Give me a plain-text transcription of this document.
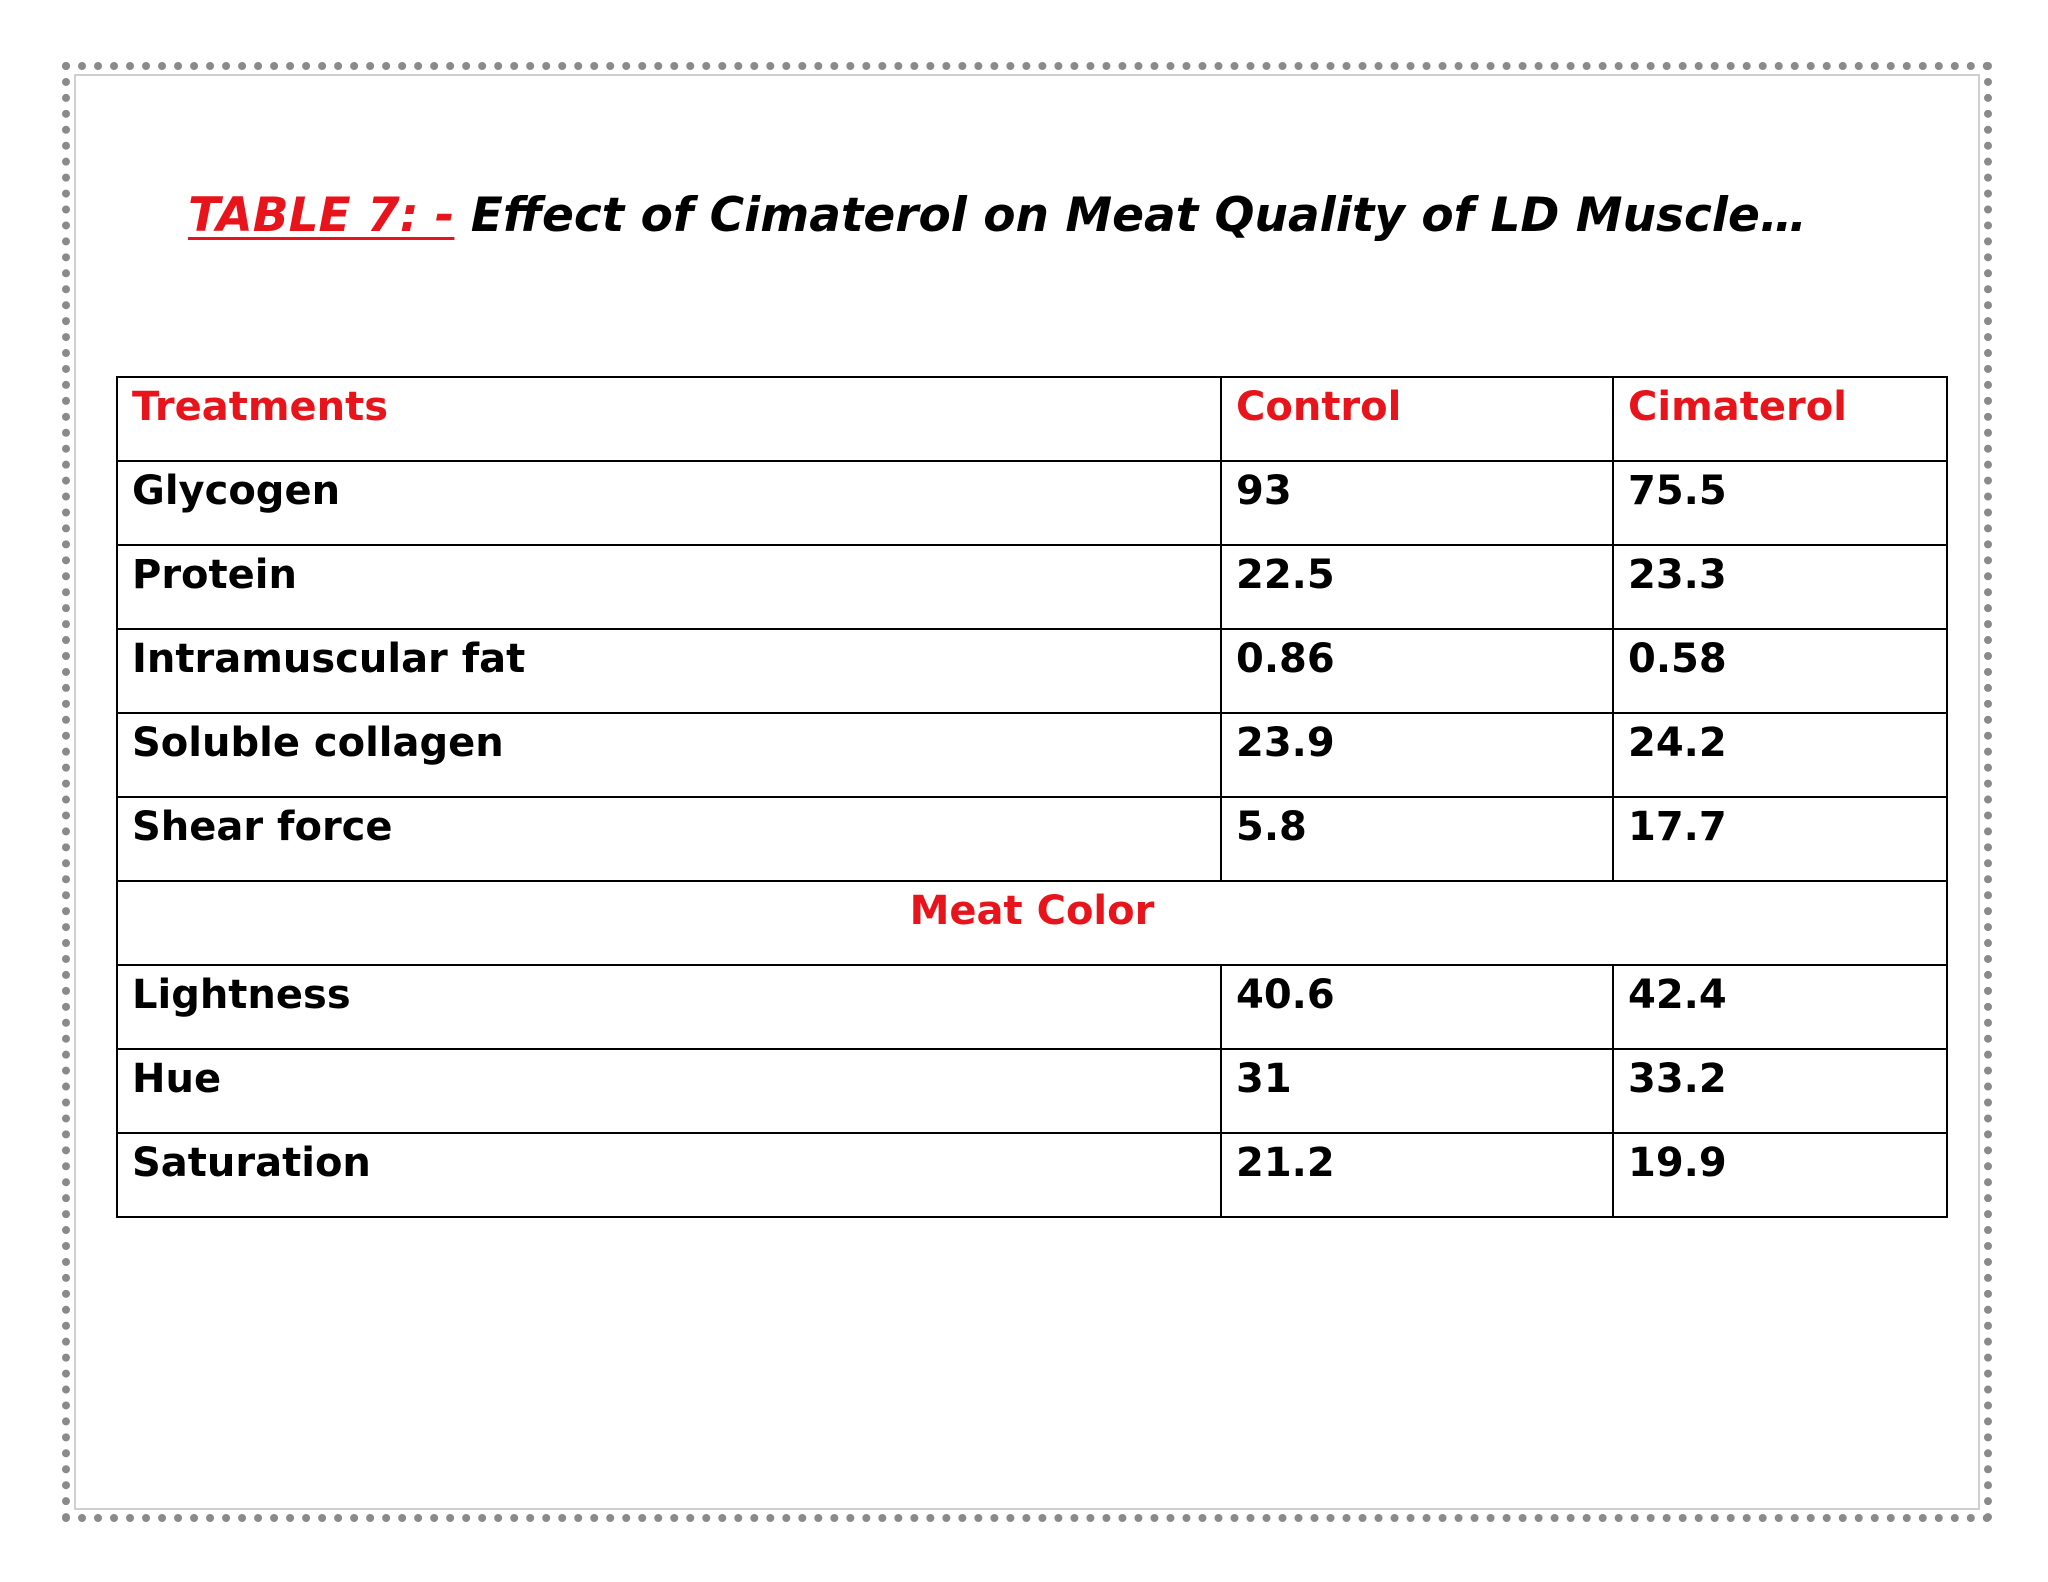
TABLE 7: - Effect of Cimaterol on Meat Quality of LD Muscle…
Treatments	Control	Cimaterol
Glycogen	93	75.5
Protein	22.5	23.3
Intramuscular fat	0.86	0.58
Soluble collagen	23.9	24.2
Shear force	5.8	17.7
Meat Color		
Lightness	40.6	42.4
Hue	31	33.2
Saturation	21.2	19.9
